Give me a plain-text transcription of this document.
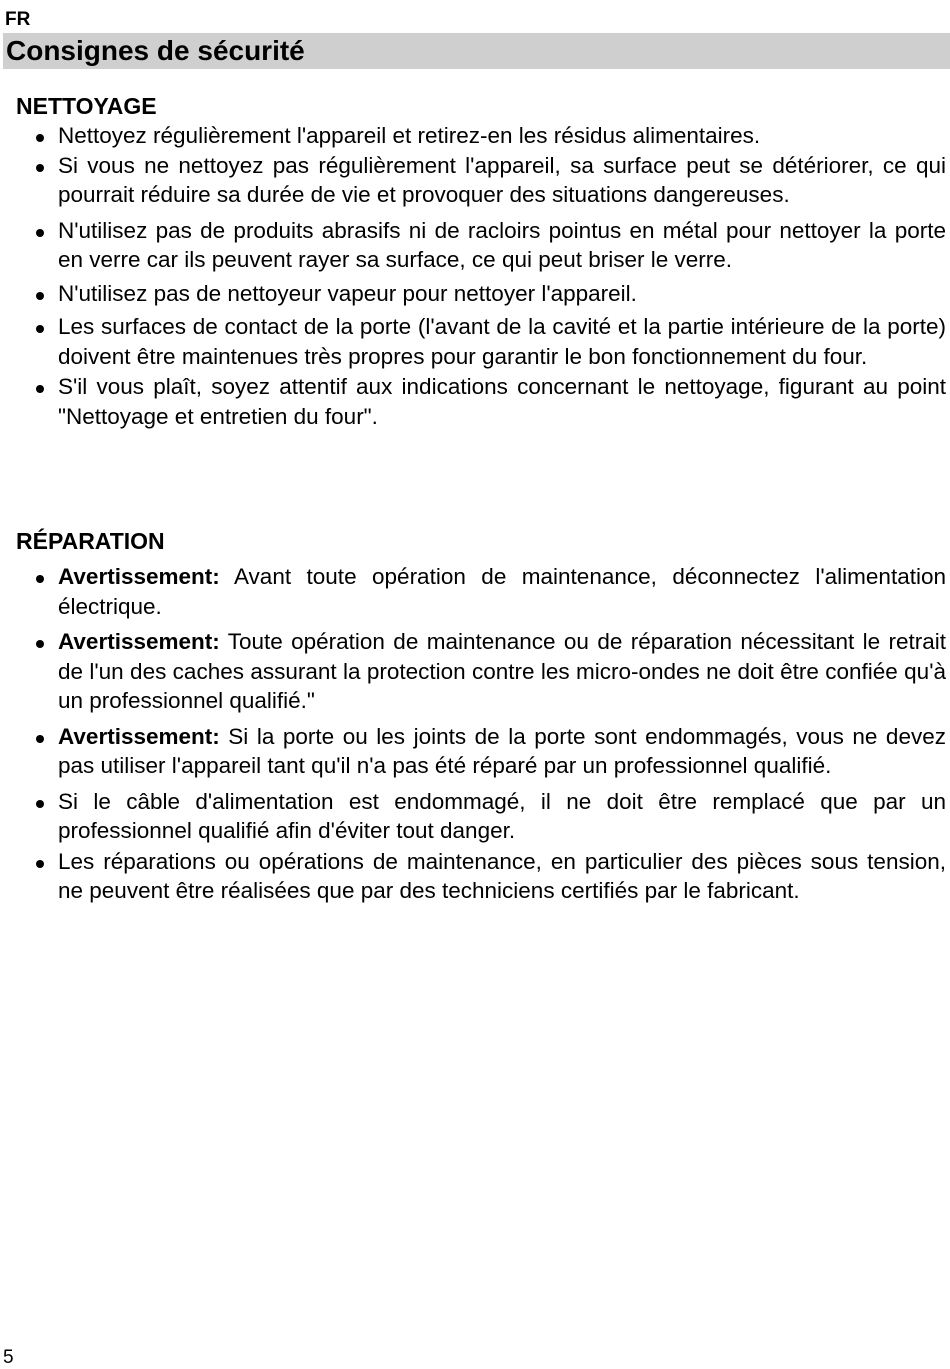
FR
Consignes de sécurité
NETTOYAGE
Nettoyez régulièrement l'appareil et retirez-en les résidus alimentaires.
Si vous ne nettoyez pas régulièrement l'appareil, sa surface peut se détériorer, ce qui pourrait réduire sa durée de vie et provoquer des situations dangereuses.
N'utilisez pas de produits abrasifs ni de racloirs pointus en métal pour nettoyer la porte en verre car ils peuvent rayer sa surface, ce qui peut briser le verre.
N'utilisez pas de nettoyeur vapeur pour nettoyer l'appareil.
Les surfaces de contact de la porte (l'avant de la cavité et la partie intérieure de la porte) doivent être maintenues très propres pour garantir le bon fonctionnement du four.
S'il vous plaît, soyez attentif aux indications concernant le nettoyage, figurant au point "Nettoyage et entretien du four".
RÉPARATION
Avertissement: Avant toute opération de maintenance, déconnectez l'alimentation électrique.
Avertissement: Toute opération de maintenance ou de réparation nécessitant le retrait de l'un des caches assurant la protection contre les micro-ondes ne doit être confiée qu'à un professionnel qualifié."
Avertissement: Si la porte ou les joints de la porte sont endommagés, vous ne devez pas utiliser l'appareil tant qu'il n'a pas été réparé par un professionnel qualifié.
Si le câble d'alimentation est endommagé, il ne doit être remplacé que par un professionnel qualifié afin d'éviter tout danger.
Les réparations ou opérations de maintenance, en particulier des pièces sous tension, ne peuvent être réalisées que par des techniciens certifiés par le fabricant.
5
